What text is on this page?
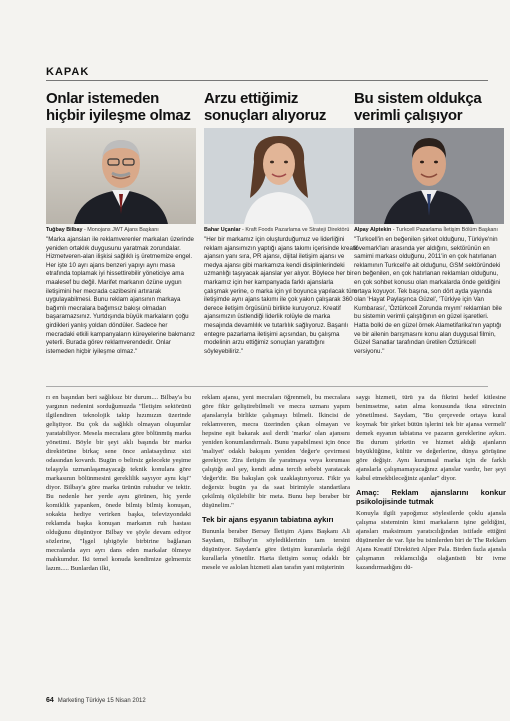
KAPAK
Onlar istemeden hiçbir iyileşme olmaz
Tuğbay Bilbay - Monojans JWT Ajans Başkanı

"Marka ajansları ile reklamverenler markaları üzerinde yeniden ortaklık duygusunu yaratmak zorundalar. Hizmetveren-alan ilişkisi sağlıklı iş üretmemize engel. Her işte 10 ayrı ajans benzeri yapıyı aynı masa etrafında toplamak iyi hissettirebilir yöneticiye ama maalesef bu değil. Marifet markanın özüne uygun iletişimini her mecrada cazibesini artırarak uygulayabilmesi. Bunu reklam ajansının markaya bağımlı mecralara bağımsız bakışı olmadan başaramazsınız. Yurtdışında büyük markaların çoğu girdikleri yanlış yoldan döndüler. Sadece her mecradaki etkili kampanyaların küreyelerine bakmanız yeterli. Burada görev reklamverendedir. Onlar istemeden hiçbir iyileşme olmaz."

Arzu ettiğimiz sonuçları alıyoruz
Bahar Uçanlar - Kraft Foods Pazarlama ve Strateji Direktörü

"Her bir markamız için oluşturduğumuz ve liderliğini reklam ajansımızın yaptığı ajans takımı içerisinde kreatif ajansın yanı sıra, PR ajansı, dijital iletişim ajansı ve medya ajansı gibi markamıza kendi disiplinlerindeki uzmanlığı taşıyacak ajanslar yer alıyor. Böylece her bir markamız için her kampanyada farklı ajanslarla çalışmak yerine, o marka için yıl boyunca yapılacak tüm iletişimde aynı ajans takımı ile çok yakın çalışarak 360 derece iletişim örgüsünü birlikte kuruyoruz. Kreatif ajansımızın üstlendiği liderlik rolüyle de marka mesajında devamlılık ve tutarlılık sağlıyoruz. Başarılı entegre pazarlama iletişimi açısından, bu çalışma modelinin arzu ettiğimiz sonuçları yarattığını söyleyebiliriz."

Bu sistem oldukça verimli çalışıyor
Alpay Alptekin - Turkcell Pazarlama İletişim Bölüm Başkanı

"Turkcell'in en beğenilen şirket olduğunu, Türkiye'nin lovemark'ları arasında yer aldığını, sektörünün en samimi markası olduğunu, 2011'in en çok hatırlanan reklamının Turkcell'e ait olduğunu, GSM sektöründeki en beğenilen, en çok hatırlanan reklamları olduğunu, en çok sohbet konusu olan markalarda önde geldiğini ortaya koyuyor. Tek başına, son dört ayda yayında olan 'Hayat Paylaşınca Güzel', 'Türkiye için Van Kumbarası', 'Öztürkcell Zorunda mıyım' reklamları bile bu sistemin verimli çalıştığının en güzel işaretleri. Hatta bolki de en güzel örnek Alametifarika'nın yaptığı ve bir ailenin barışmasını konu alan duygusal filmin, Güzel Sanatlar tarafından üretilen Öztürkcell versiyonu."

rı en başından beri sağlıksız bir durum.... Bilbay'a bu yargının nedenini sorduğumuzda "İletişim sektörünü ilgilendiren teknolojik takip hızımızın üzerinde geliştiyor. Bu çok da sağlıklı olmayan oluşumlar yaratabiliyor. Mesela mecralara göre bölünmüş marka yönetimi. Böyle bir şeyi aklı başında bir marka direktörüne birkaç sene önce anlatsaydınız sizi odasından kovardı. Bugün o belirsiz gelecekte yeşime telaşıyla uzmanlaşamayacağı teknik konulara göre markasının bölünmesini gereklilik sayıyor aynı kişi" diyor. Bilbay'a göre marka ürünün ruhudur ve tektir. Bu nedenle her yerde aynı görünen, hiç yerde komiklik yapanken, önede bilmiş bilmiş konuşan, sokakta hediye verirken başka, televizyondaki reklamda başka konuşan markanın ruh hastası olduğunu düşünüyor Bilbay ve şöyle devam ediyor sözlerine, "İşgel işbigöyle birbirine bağlanan mecralarda ayrı ayrı dans eden markalar ölmeye mahkumdur. İki temel konuda kendimize gelmemiz lazım..... Bunlardan ilki,

reklam ajansı, yeni mecraları öğrenmeli, bu mecralara göre fikir geliştirebilmeli ve mecra uzmanı yapım ajanslarıyla birlikte çalışmayı bilmeli. İkincisi de reklamveren, mecra üzerinden çıkan olmayan ve hepsine eşit bakarak asıl derdi 'marka' olan ajansını yeniden konumlandırmalı. Bunu yapabilmesi için önce 'maliyet' odaklı bakışını yeniden 'değer'e çevirmesi gerekiyor. Zira iletişim ile yaratmaya veya koruması çalıştığı asıl şey, kendi adına tercih sebebi yaratacak 'değer'dir. Bu bakışlan çok uzaklaştırıyoruz. Fikir ya değersiz bugün ya da saat birimiyle standartlara çekilmiş ölçülebilir bir meta. Bunu hep beraber bir düşünelim."

Tek bir ajans eşyanın tabiatına aykırı

Bununla beraber Bersay İletişim Ajans Başkanı Ali Saydam, Bilbay'ın söylediklerinin tam tersini düşünüyor. Saydam'a göre iletişim kuramlarla değil kurallarla yönetilir. Harta iletişim sonuç odaklı bir mesele ve aslolan hizmeti alan tarafın yani müşterinin

saygı hizmeti, türü ya da fikrini hedef kitlesine benimsetme, satın alma konusunda ikna sürecinin yönetilmesi. Saydam, "Bu çerçevede ortaya kural koymak 'bir şirket bütün işlerini tek bir ajansa vermeli' demek eşyanın tabiatına ve pazarın gereklerine aykırı. Bu durum şirketin ve hizmet aldığı ajanların büyüklüğüne, kültür ve değerlerine, dünya görüşüne göre değişir. Aynı kurumsal marka için de farklı ajanslarla çalışmamayacağınız ajanslar vardır, her şeyi kabul etmekbileceğiniz ajanlar" diyor.

Amaç: Reklam ajanslarını konkur psikolojisinde tutmak

Konuyla ilgili yapoğımız söylesilerde çoklu ajansla çalışma sisteminin kimi markaların işine geldiğini, ajansları maksimum yaratıcılığından istifade ettiğini düşünenler de var. İşte bu isimlerden biri de The Reklam Ajans Kreatif Direktörü Alper Pala. Birden fazla ajansla çalışmanın reklamcılığa olağanüstü bir ivme kazandırmadığını dü-

64 Marketing Türkiye 15 Nisan 2012
